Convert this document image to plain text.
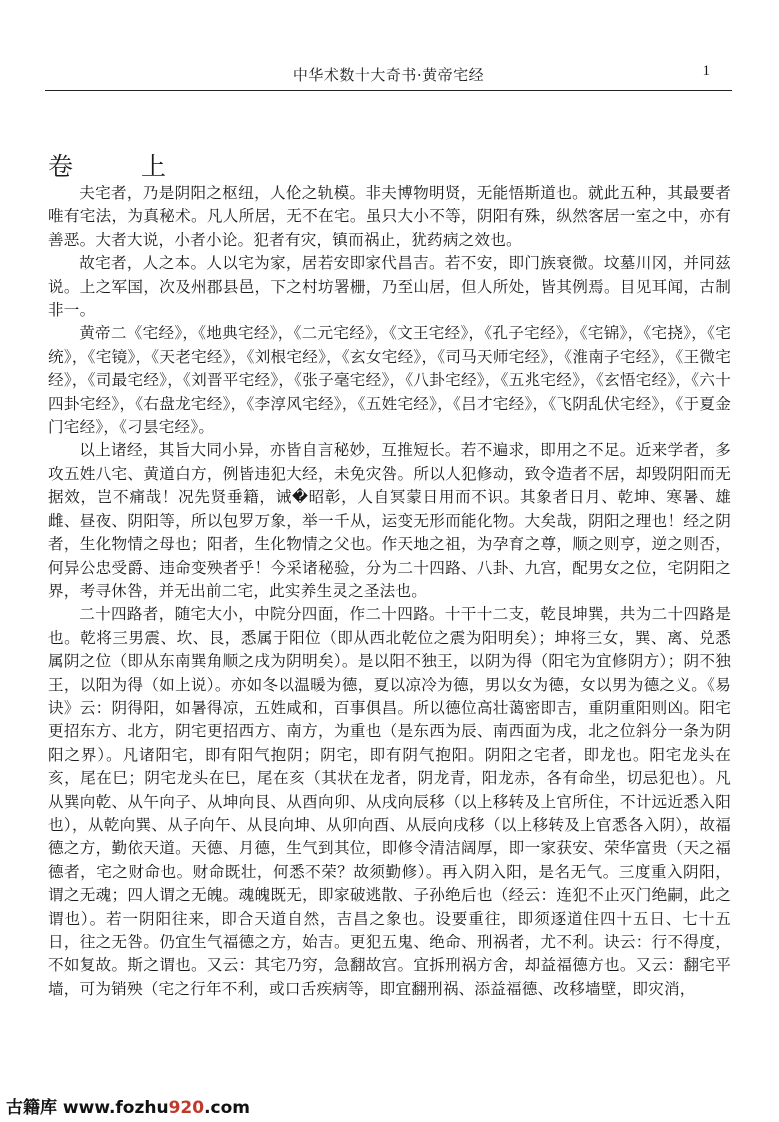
中华术数十大奇书·黄帝宅经	1
卷 上

夫宅者，乃是阴阳之枢纽，人伦之轨模。非夫博物明贤，无能悟斯道也。就此五种，其最要者唯有宅法，为真秘术。凡人所居，无不在宅。虽只大小不等，阴阳有殊，纵然客居一室之中，亦有善恶。大者大说，小者小论。犯者有灾，镇而祸止，犹药病之效也。

故宅者，人之本。人以宅为家，居若安即家代昌吉。若不安，即门族衰微。坟墓川冈，并同兹说。上之军国，次及州郡县邑，下之村坊署栅，乃至山居，但人所处，皆其例焉。目见耳闻，古制非一。

黄帝二《宅经》，《地典宅经》，《二元宅经》，《文王宅经》，《孔子宅经》，《宅锦》，《宅挠》，《宅统》，《宅镜》，《天老宅经》，《刘根宅经》，《玄女宅经》，《司马天师宅经》，《淮南子宅经》，《王微宅经》，《司最宅经》，《刘晋平宅经》，《张子毫宅经》，《八卦宅经》，《五兆宅经》，《玄悟宅经》，《六十四卦宅经》，《右盘龙宅经》，《李淳风宅经》，《五姓宅经》，《吕才宅经》，《飞阴乱伏宅经》，《于夏金门宅经》，《刁昙宅经》。

以上诸经，其旨大同小异，亦皆自言秘妙，互推短长。若不遍求，即用之不足。近来学者，多攻五姓八宅、黄道白方，例皆违犯大经，未免灾咎。所以人犯修动，致令造者不居，却毁阴阳而无据效，岂不痛哉！况先贤垂籍，诫�昭彰，人自冥蒙日用而不识。其象者日月、乾坤、寒暑、雄雌、昼夜、阴阳等，所以包罗万象，举一千从，运变无形而能化物。大矣哉，阴阳之理也！经之阴者，生化物情之母也；阳者，生化物情之父也。作天地之祖，为孕育之尊，顺之则亨，逆之则否，何异公忠受爵、违命变殃者乎！今采诸秘验，分为二十四路、八卦、九宫，配男女之位，宅阴阳之界，考寻休咎，并无出前二宅，此实养生灵之圣法也。

二十四路者，随宅大小，中院分四面，作二十四路。十干十二支，乾艮坤巽，共为二十四路是也。乾将三男震、坎、艮，悉属于阳位（即从西北乾位之震为阳明矣）；坤将三女，巽、离、兑悉属阴之位（即从东南巽角顺之戌为阴明矣）。是以阳不独王，以阴为得（阳宅为宜修阴方）；阴不独王，以阳为得（如上说）。亦如冬以温暖为德，夏以凉冷为德，男以女为德，女以男为德之义。《易诀》云：阴得阳，如暑得凉，五姓咸和，百事俱昌。所以德位高壮蔼密即吉，重阴重阳则凶。阳宅更招东方、北方，阴宅更招西方、南方，为重也（是东西为辰、南西面为戌，北之位斜分一条为阴阳之界）。凡诸阳宅，即有阳气抱阴；阴宅，即有阴气抱阳。阴阳之宅者，即龙也。阳宅龙头在亥，尾在巳；阴宅龙头在巳，尾在亥（其状在龙者，阴龙青，阳龙赤，各有命坐，切忌犯也）。凡从巽向乾、从午向子、从坤向艮、从酉向卯、从戌向辰移（以上移转及上官所住，不计远近悉入阳也），从乾向巽、从子向午、从艮向坤、从卯向酉、从辰向戌移（以上移转及上官悉各入阴），故福德之方，勤依天道。天德、月德，生气到其位，即修令清洁阔厚，即一家获安、荣华富贵（天之福德者，宅之财命也。财命既壮，何悉不荣？故须勤修）。再入阴入阳，是名无气。三度重入阴阳，谓之无魂；四人谓之无魄。魂魄既无，即家破逃散、子孙绝后也（经云：连犯不止灭门绝嗣，此之谓也）。若一阴阳往来，即合天道自然，吉昌之象也。设要重往，即须逐道住四十五日、七十五日，往之无咎。仍宜生气福德之方，始吉。更犯五鬼、绝命、刑祸者，尤不利。诀云：行不得度，不如复故。斯之谓也。又云：其宅乃穷，急翻故宫。宜拆刑祸方舍，却益福德方也。又云：翻宅平墙，可为销殃（宅之行年不利，或口舌疾病等，即宜翻刑祸、添益福德、改移墙壁，即灾消，

古籍库 www.fozhu920.com
